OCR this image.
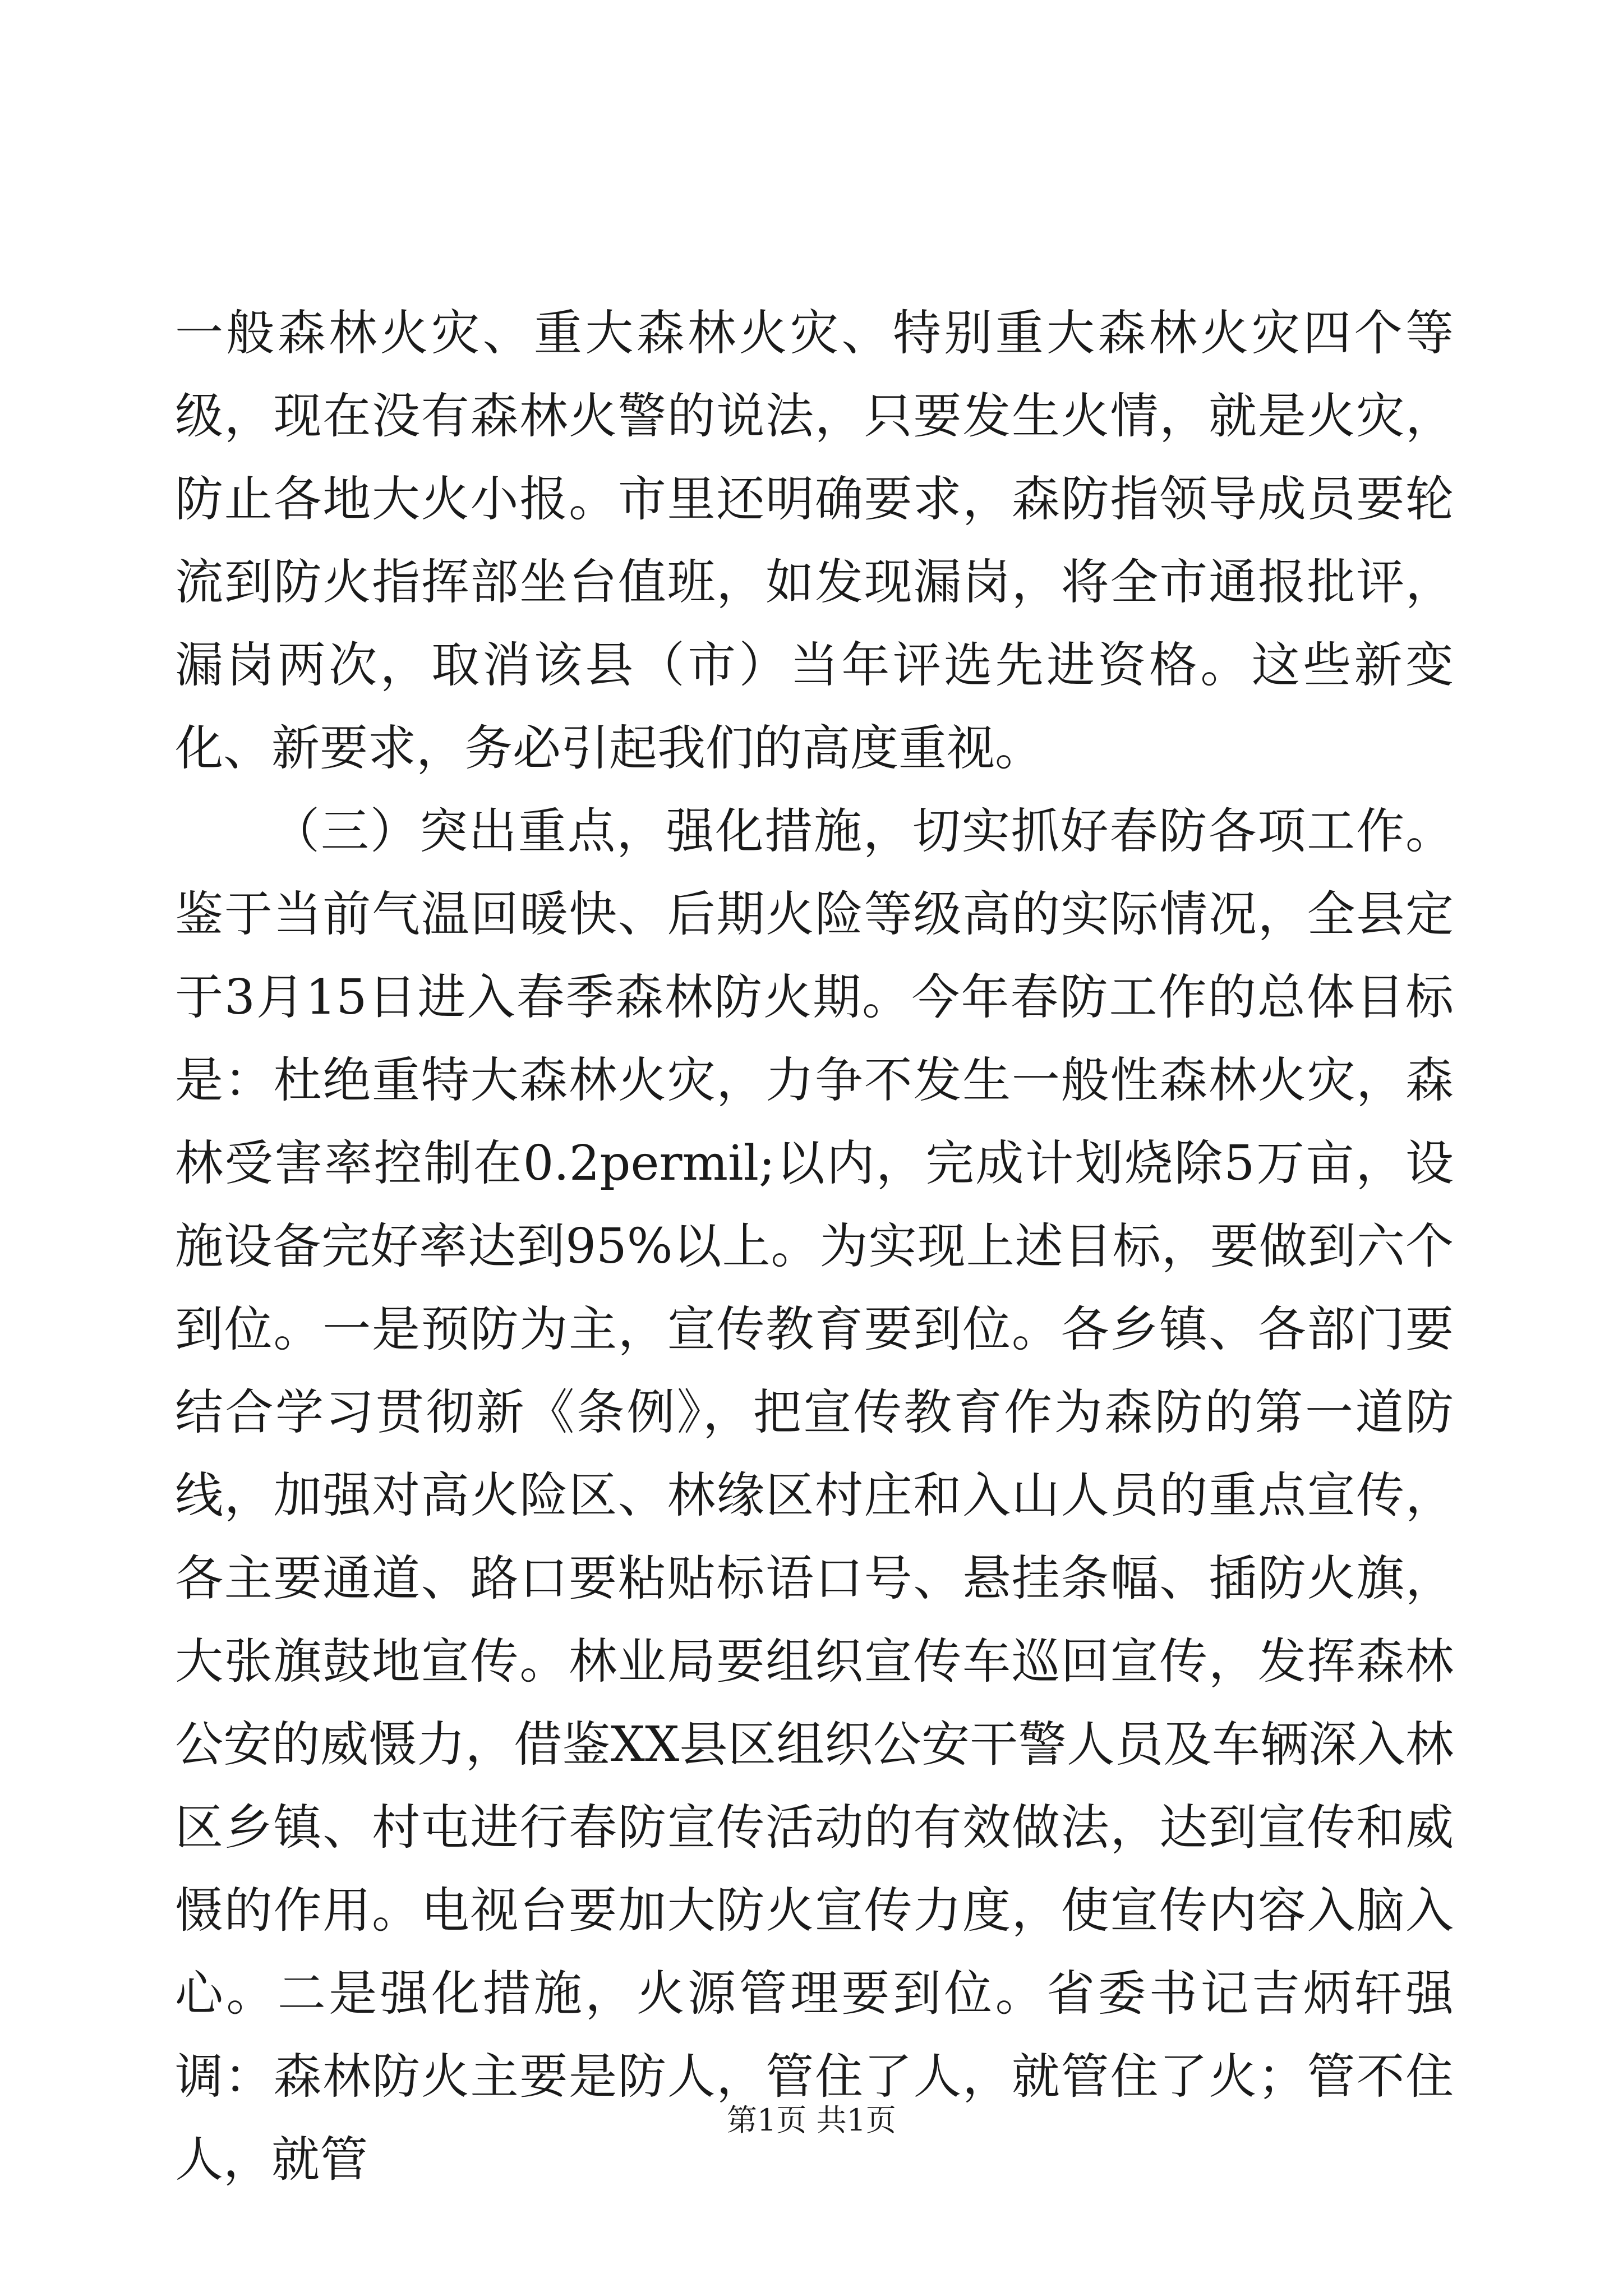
一般森林火灾、重大森林火灾、特别重大森林火灾四个等级，现在没有森林火警的说法，只要发生火情，就是火灾，防止各地大火小报。市里还明确要求，森防指领导成员要轮流到防火指挥部坐台值班，如发现漏岗，将全市通报批评，漏岗两次，取消该县（市）当年评选先进资格。这些新变化、新要求，务必引起我们的高度重视。

（三）突出重点，强化措施，切实抓好春防各项工作。鉴于当前气温回暖快、后期火险等级高的实际情况，全县定于3月15日进入春季森林防火期。今年春防工作的总体目标是：杜绝重特大森林火灾，力争不发生一般性森林火灾，森林受害率控制在0.2permil;以内，完成计划烧除5万亩，设施设备完好率达到95%以上。为实现上述目标，要做到六个到位。一是预防为主，宣传教育要到位。各乡镇、各部门要结合学习贯彻新《条例》，把宣传教育作为森防的第一道防线，加强对高火险区、林缘区村庄和入山人员的重点宣传，各主要通道、路口要粘贴标语口号、悬挂条幅、插防火旗，大张旗鼓地宣传。林业局要组织宣传车巡回宣传，发挥森林公安的威慑力，借鉴XX县区组织公安干警人员及车辆深入林区乡镇、村屯进行春防宣传活动的有效做法，达到宣传和威慑的作用。电视台要加大防火宣传力度，使宣传内容入脑入心。二是强化措施，火源管理要到位。省委书记吉炳轩强调：森林防火主要是防人，管住了人，就管住了火；管不住人，就管

第1页 共1页
